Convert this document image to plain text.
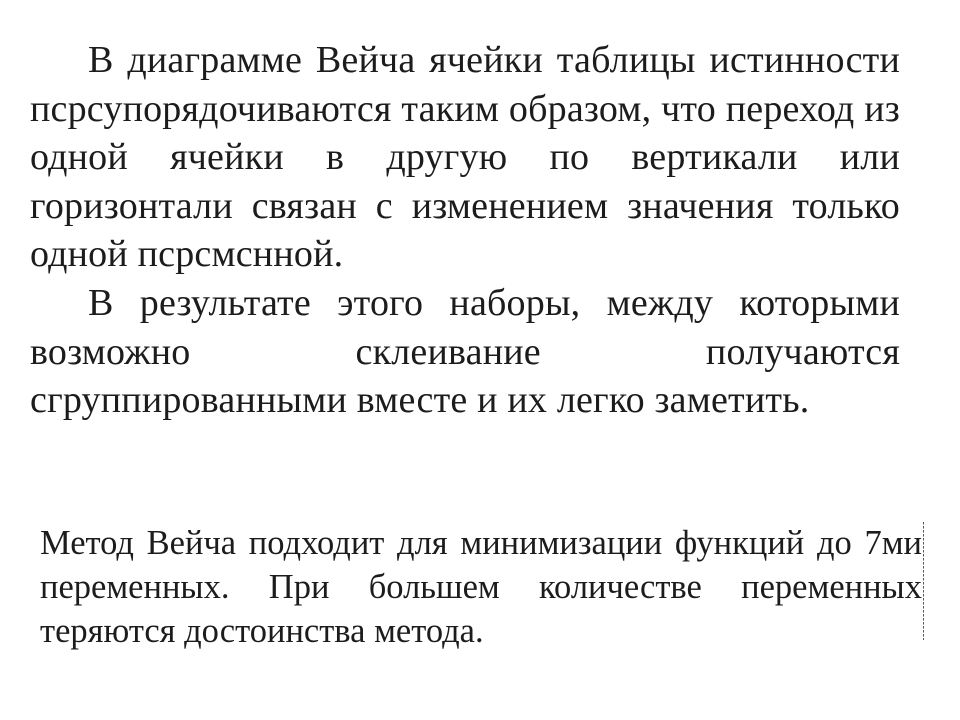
В диаграмме Вейча ячейки таблицы истинности псрсупорядочиваются таким образом, что переход из одной ячейки в другую по вертикали или горизонтали связан с изменением значения только одной псрсмснной.

В результате этого наборы, между которыми возможно склеивание получаются сгруппированными вместе и их легко заметить.

Метод Вейча подходит для минимизации функций до 7ми переменных. При большем количестве переменных теряются достоинства метода.
